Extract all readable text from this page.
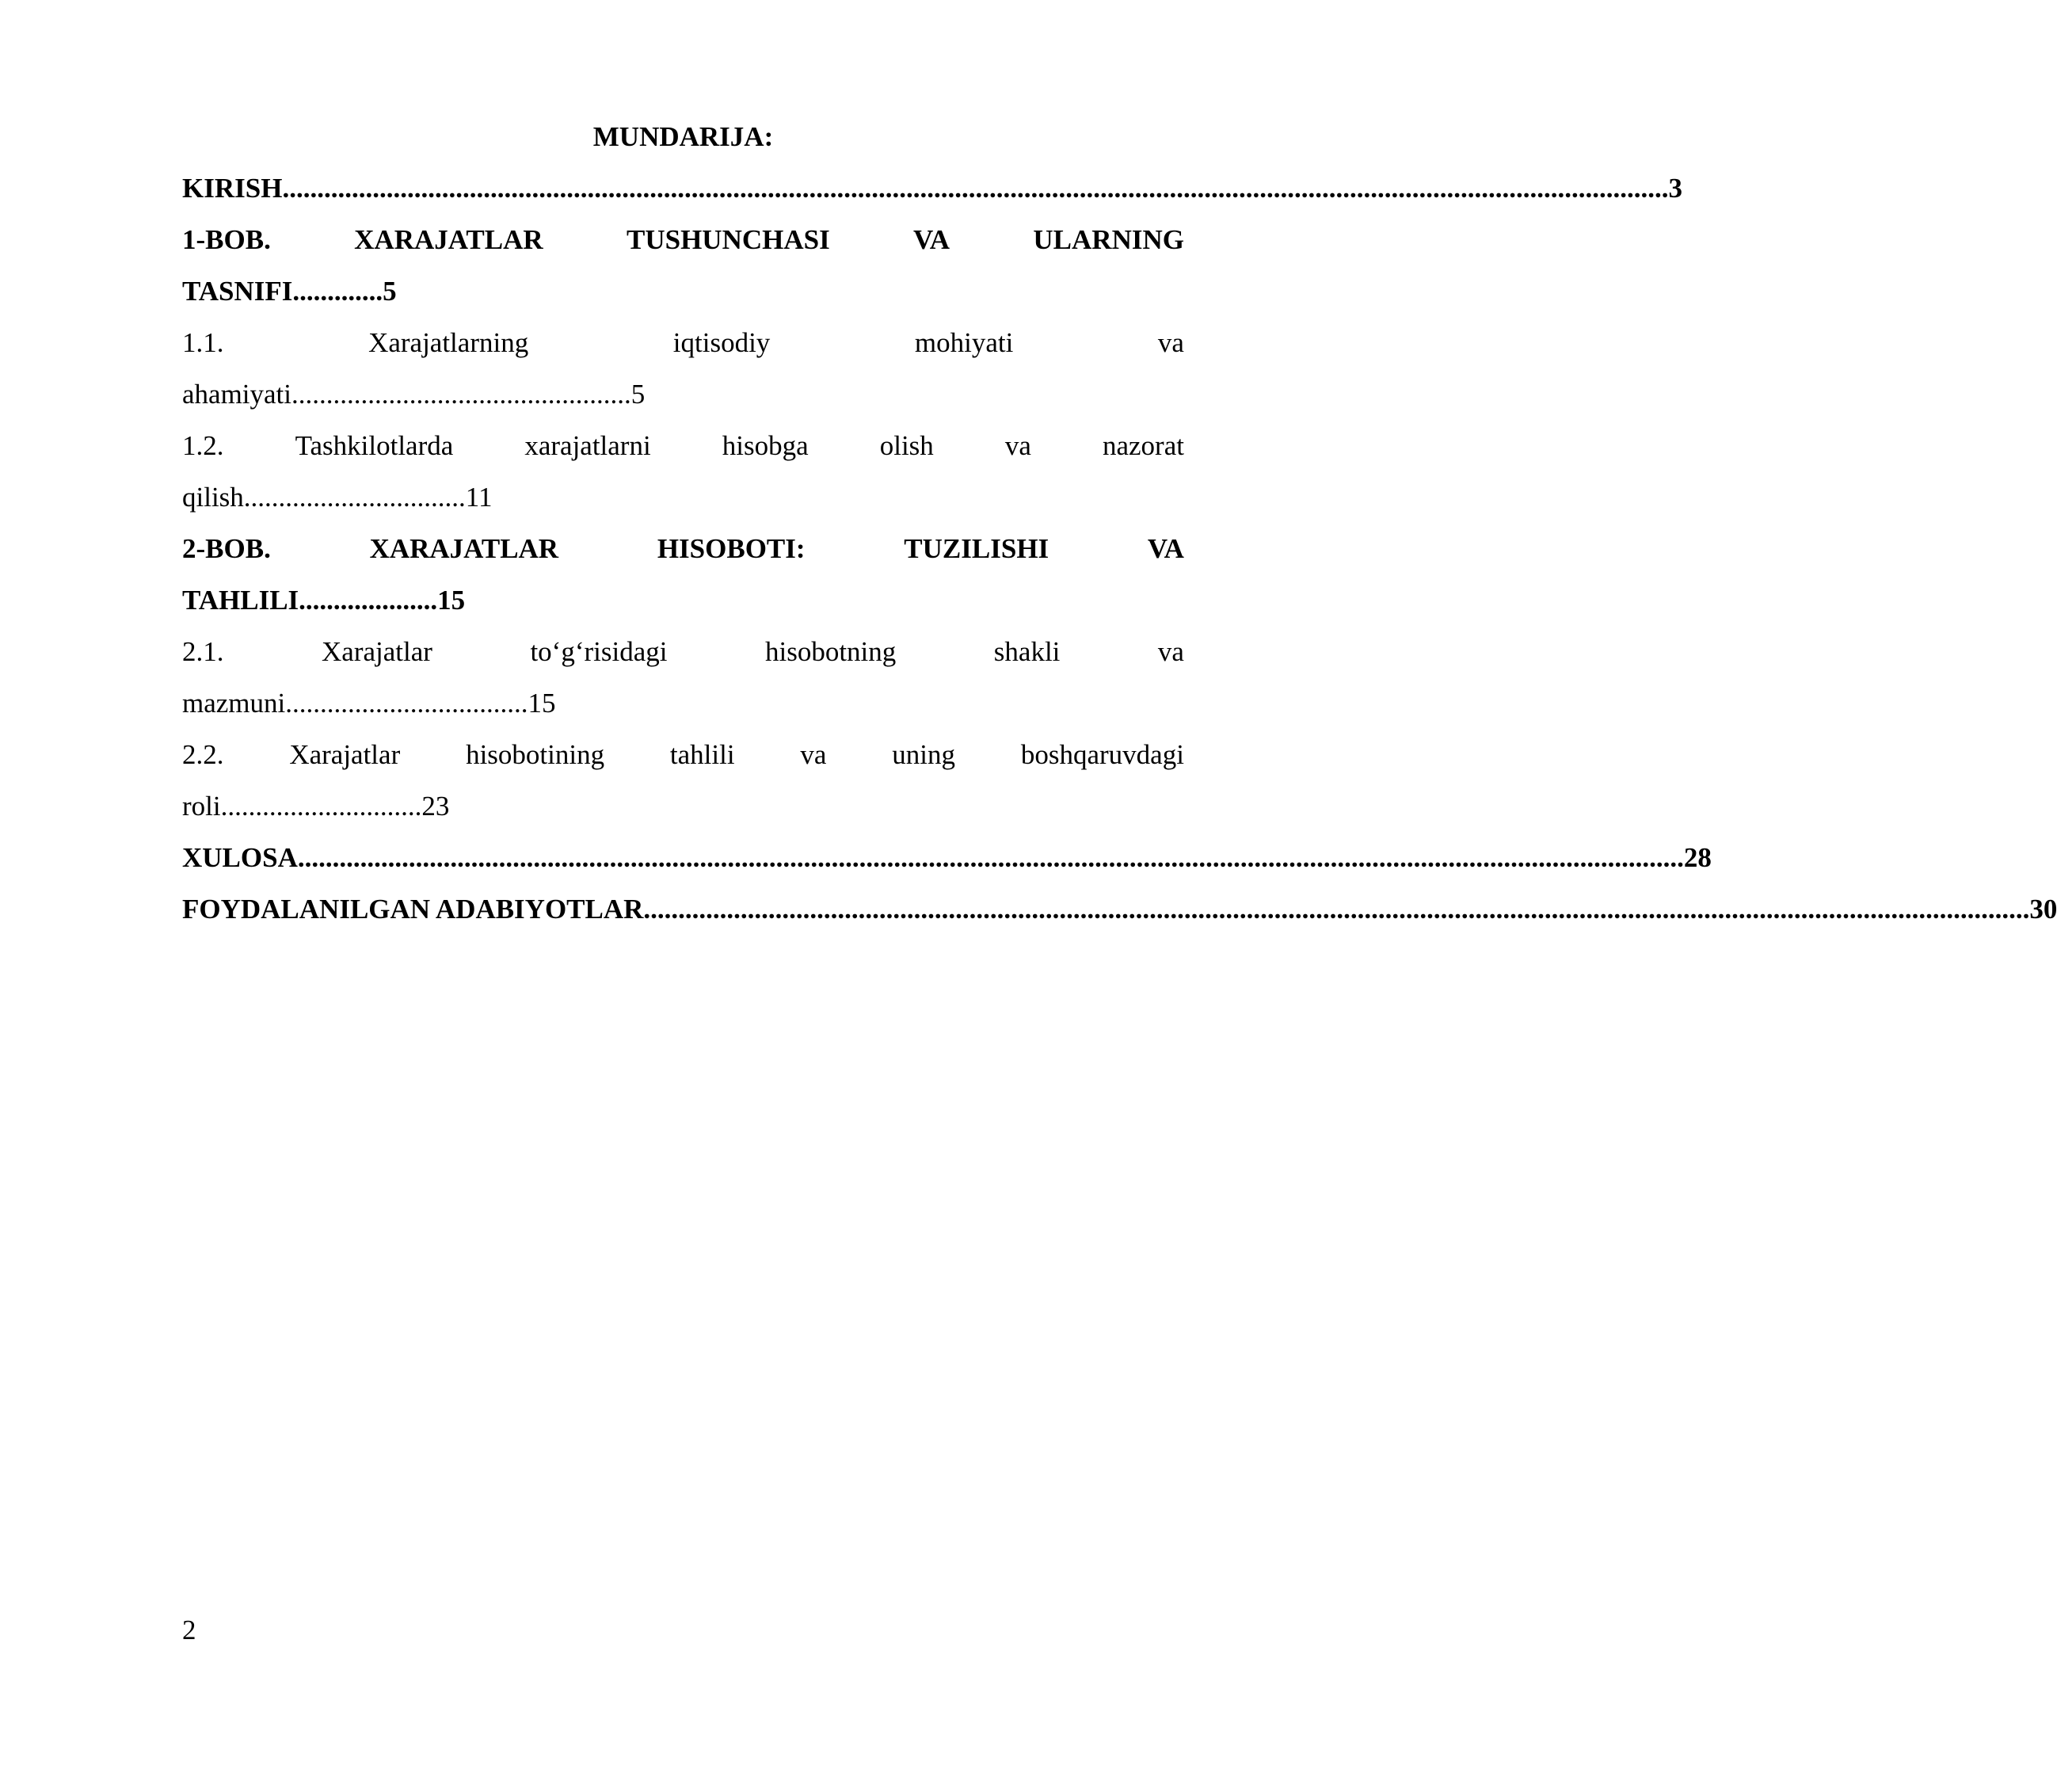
MUNDARIJA:
KIRISH ........................................................................................................................................................................................................ 3
1-BOB.	XARAJATLAR	TUSHUNCHASI	VA	ULARNING
TASNIFI.............5
1.1.	Xarajatlarning	iqtisodiy	mohiyati	va
ahamiyati.................................................5
1.2.	Tashkilotlarda	xarajatlarni	hisobga	olish	va	nazorat
qilish................................11
2-BOB.	XARAJATLAR	HISOBOTI:	TUZILISHI	VA
TAHLILI....................15
2.1.	Xarajatlar	to‘g‘risidagi	hisobotning	shakli	va
mazmuni...................................15
2.2. Xarajatlar hisobotining tahlili va uning boshqaruvdagi
roli.............................23
XULOSA ........................................................................................................................................................................................................ 28
FOYDALANILGAN ADABIYOTLAR ........................................................................................................................................................................................................ 30
2
